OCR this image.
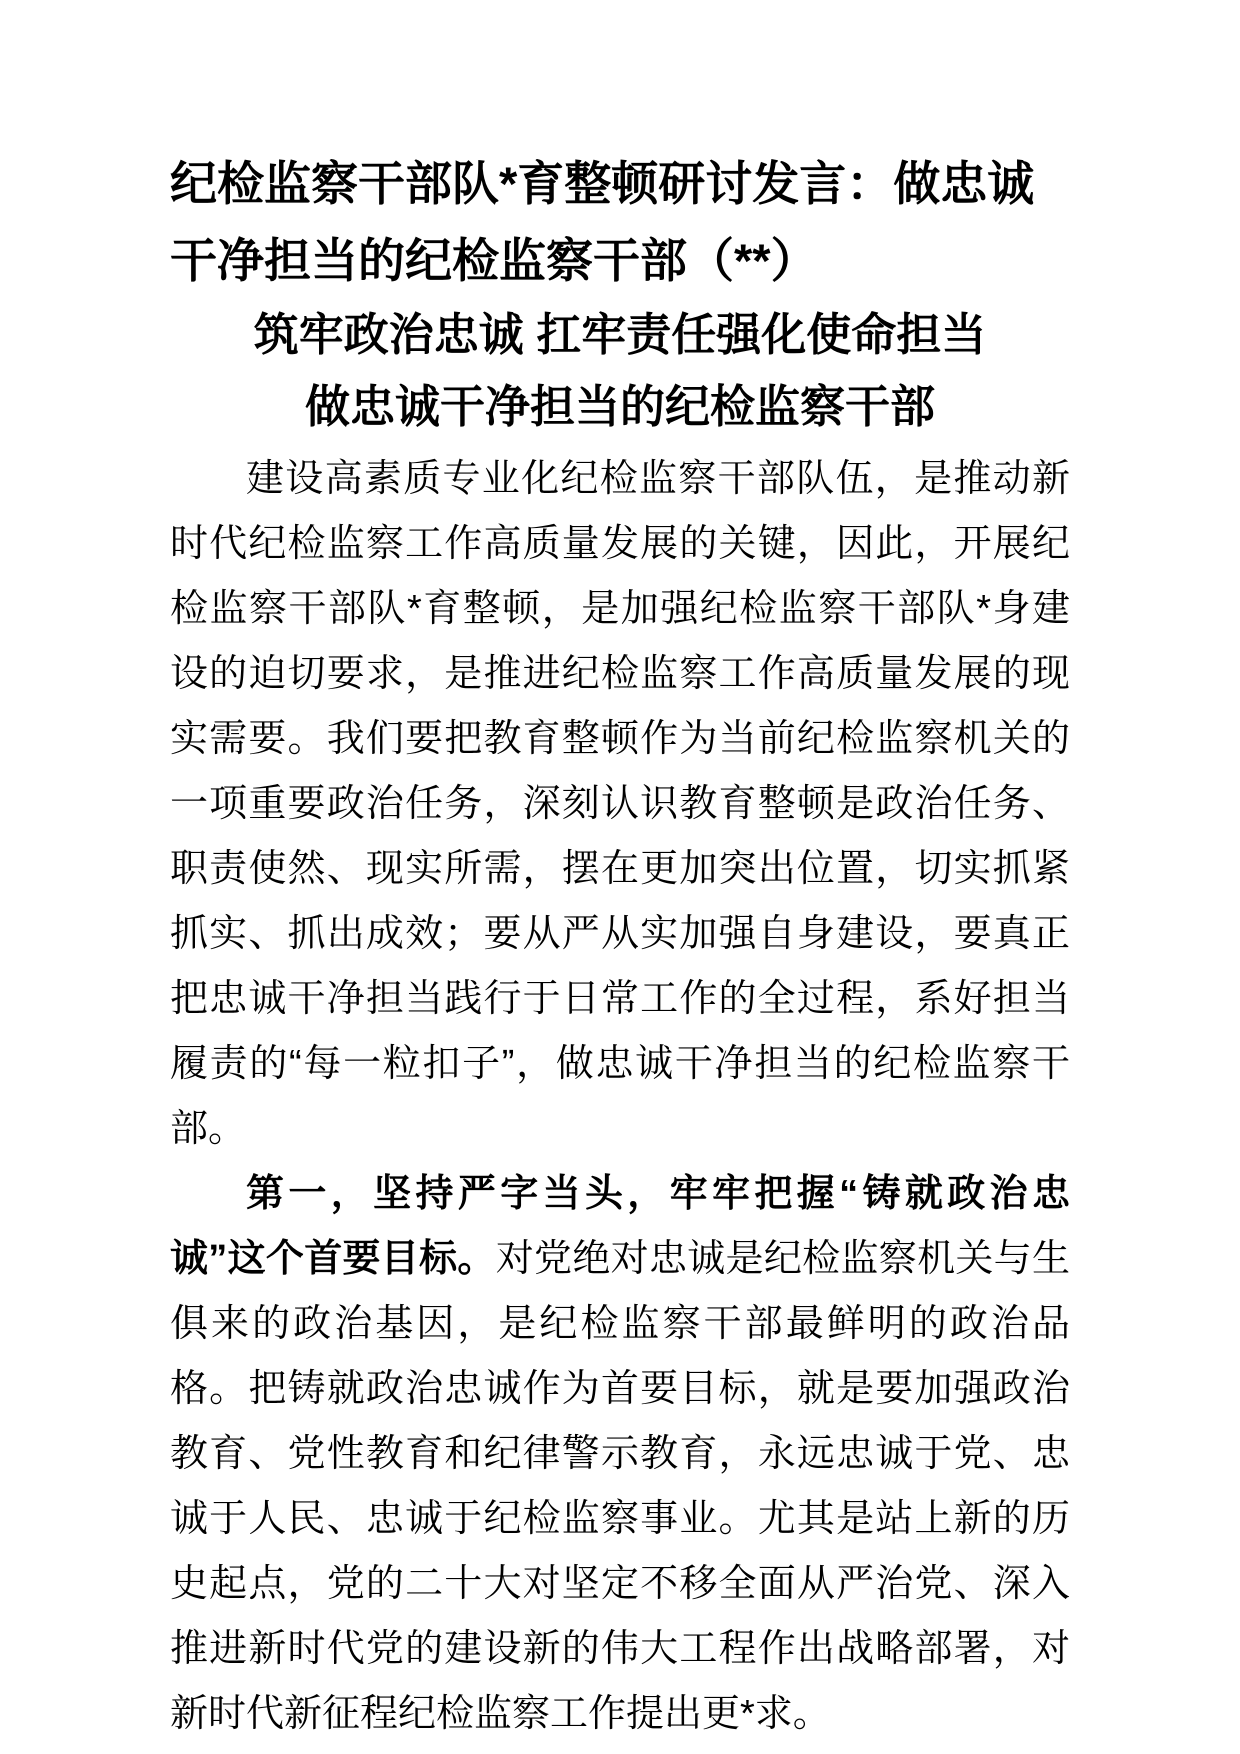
纪检监察干部队*育整顿研讨发言：做忠诚干净担当的纪检监察干部（**）
筑牢政治忠诚 扛牢责任强化使命担当
做忠诚干净担当的纪检监察干部

建设高素质专业化纪检监察干部队伍，是推动新时代纪检监察工作高质量发展的关键，因此，开展纪检监察干部队*育整顿，是加强纪检监察干部队*身建设的迫切要求，是推进纪检监察工作高质量发展的现实需要。我们要把教育整顿作为当前纪检监察机关的一项重要政治任务，深刻认识教育整顿是政治任务、职责使然、现实所需，摆在更加突出位置，切实抓紧抓实、抓出成效；要从严从实加强自身建设，要真正把忠诚干净担当践行于日常工作的全过程，系好担当履责的“每一粒扣子”，做忠诚干净担当的纪检监察干部。

第一，坚持严字当头，牢牢把握“铸就政治忠诚”这个首要目标。对党绝对忠诚是纪检监察机关与生俱来的政治基因，是纪检监察干部最鲜明的政治品格。把铸就政治忠诚作为首要目标，就是要加强政治教育、党性教育和纪律警示教育，永远忠诚于党、忠诚于人民、忠诚于纪检监察事业。尤其是站上新的历史起点，党的二十大对坚定不移全面从严治党、深入推进新时代党的建设新的伟大工程作出战略部署，对新时代新征程纪检监察工作提出更*求。
